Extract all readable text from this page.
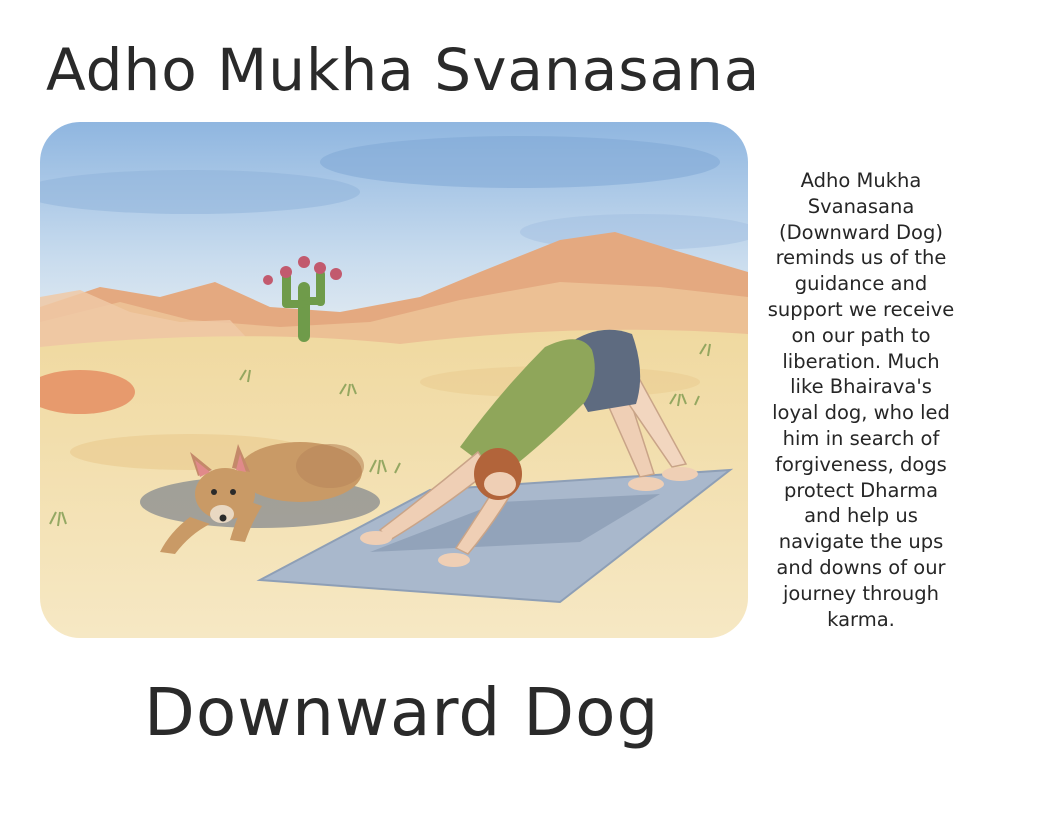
Adho Mukha Svanasana

Adho Mukha Svanasana (Downward Dog) reminds us of the guidance and support we receive on our path to liberation. Much like Bhairava's loyal dog, who led him in search of forgiveness, dogs protect Dharma and help us navigate the ups and downs of our journey through karma.

Downward Dog
